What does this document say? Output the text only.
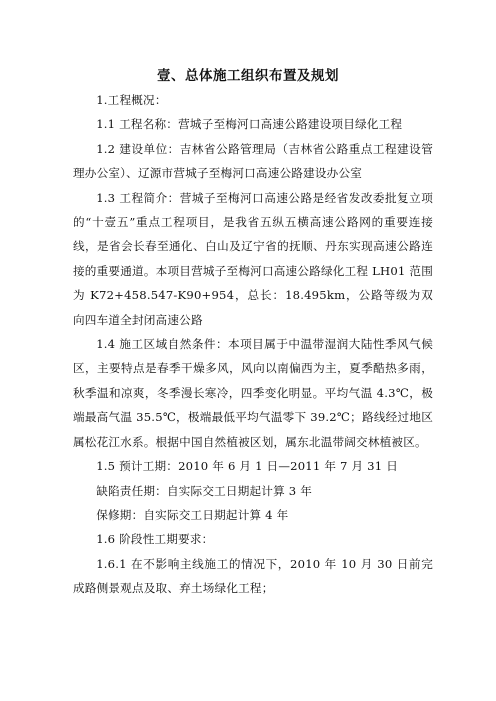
壹、总体施工组织布置及规划

1.工程概况：

1.1 工程名称：营城子至梅河口高速公路建设项目绿化工程

1.2 建设单位：吉林省公路管理局（吉林省公路重点工程建设管理办公室）、辽源市营城子至梅河口高速公路建设办公室

1.3 工程简介：营城子至梅河口高速公路是经省发改委批复立项的“十壹五”重点工程项目，是我省五纵五横高速公路网的重要连接线，是省会长春至通化、白山及辽宁省的抚顺、丹东实现高速公路连接的重要通道。本项目营城子至梅河口高速公路绿化工程 LH01 范围为 K72+458.547-K90+954，总长：18.495km，公路等级为双向四车道全封闭高速公路

1.4 施工区域自然条件：本项目属于中温带湿润大陆性季风气候区，主要特点是春季干燥多风，风向以南偏西为主，夏季酷热多雨，秋季温和凉爽，冬季漫长寒冷，四季变化明显。平均气温 4.3℃，极端最高气温 35.5℃，极端最低平均气温零下 39.2℃；路线经过地区属松花江水系。根据中国自然植被区划，属东北温带阔交林植被区。

1.5 预计工期：2010 年 6 月 1 日—2011 年 7 月 31 日

缺陷责任期：自实际交工日期起计算 3 年

保修期：自实际交工日期起计算 4 年

1.6 阶段性工期要求：

1.6.1 在不影响主线施工的情况下，2010 年 10 月 30 日前完成路侧景观点及取、弃土场绿化工程；
